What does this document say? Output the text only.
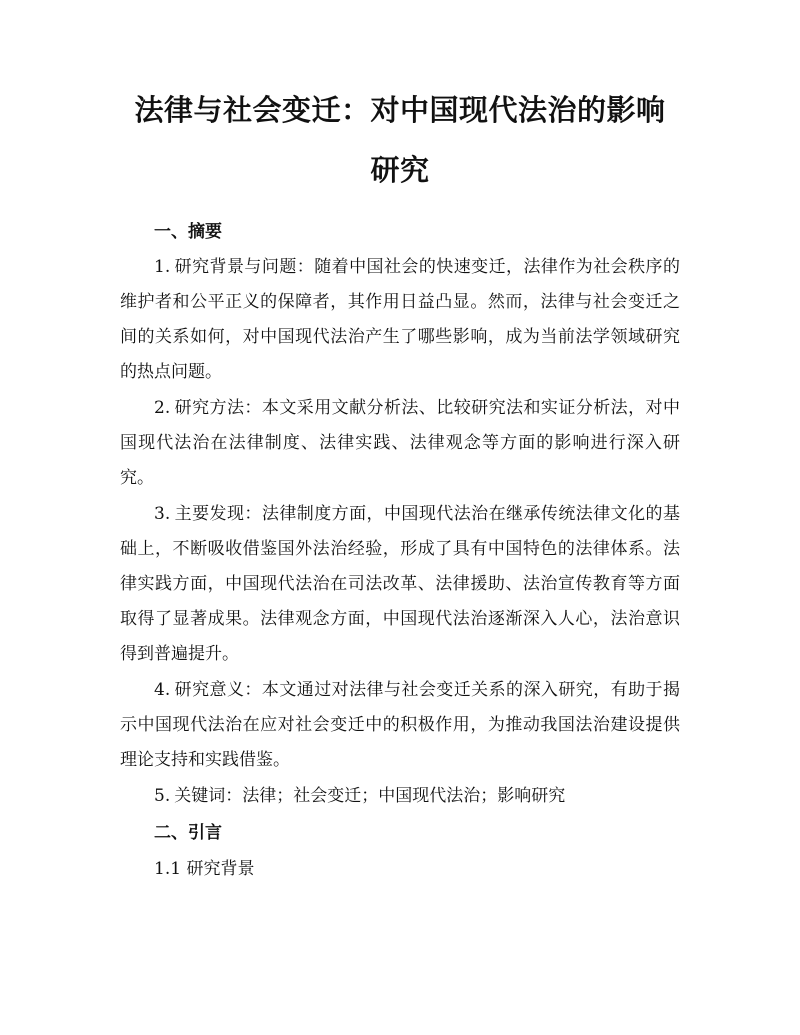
法律与社会变迁：对中国现代法治的影响研究
一、摘要

1. 研究背景与问题：随着中国社会的快速变迁，法律作为社会秩序的维护者和公平正义的保障者，其作用日益凸显。然而，法律与社会变迁之间的关系如何，对中国现代法治产生了哪些影响，成为当前法学领域研究的热点问题。

2. 研究方法：本文采用文献分析法、比较研究法和实证分析法，对中国现代法治在法律制度、法律实践、法律观念等方面的影响进行深入研究。

3. 主要发现：法律制度方面，中国现代法治在继承传统法律文化的基础上，不断吸收借鉴国外法治经验，形成了具有中国特色的法律体系。法律实践方面，中国现代法治在司法改革、法律援助、法治宣传教育等方面取得了显著成果。法律观念方面，中国现代法治逐渐深入人心，法治意识得到普遍提升。

4. 研究意义：本文通过对法律与社会变迁关系的深入研究，有助于揭示中国现代法治在应对社会变迁中的积极作用，为推动我国法治建设提供理论支持和实践借鉴。

5. 关键词：法律；社会变迁；中国现代法治；影响研究

二、引言

1.1 研究背景
